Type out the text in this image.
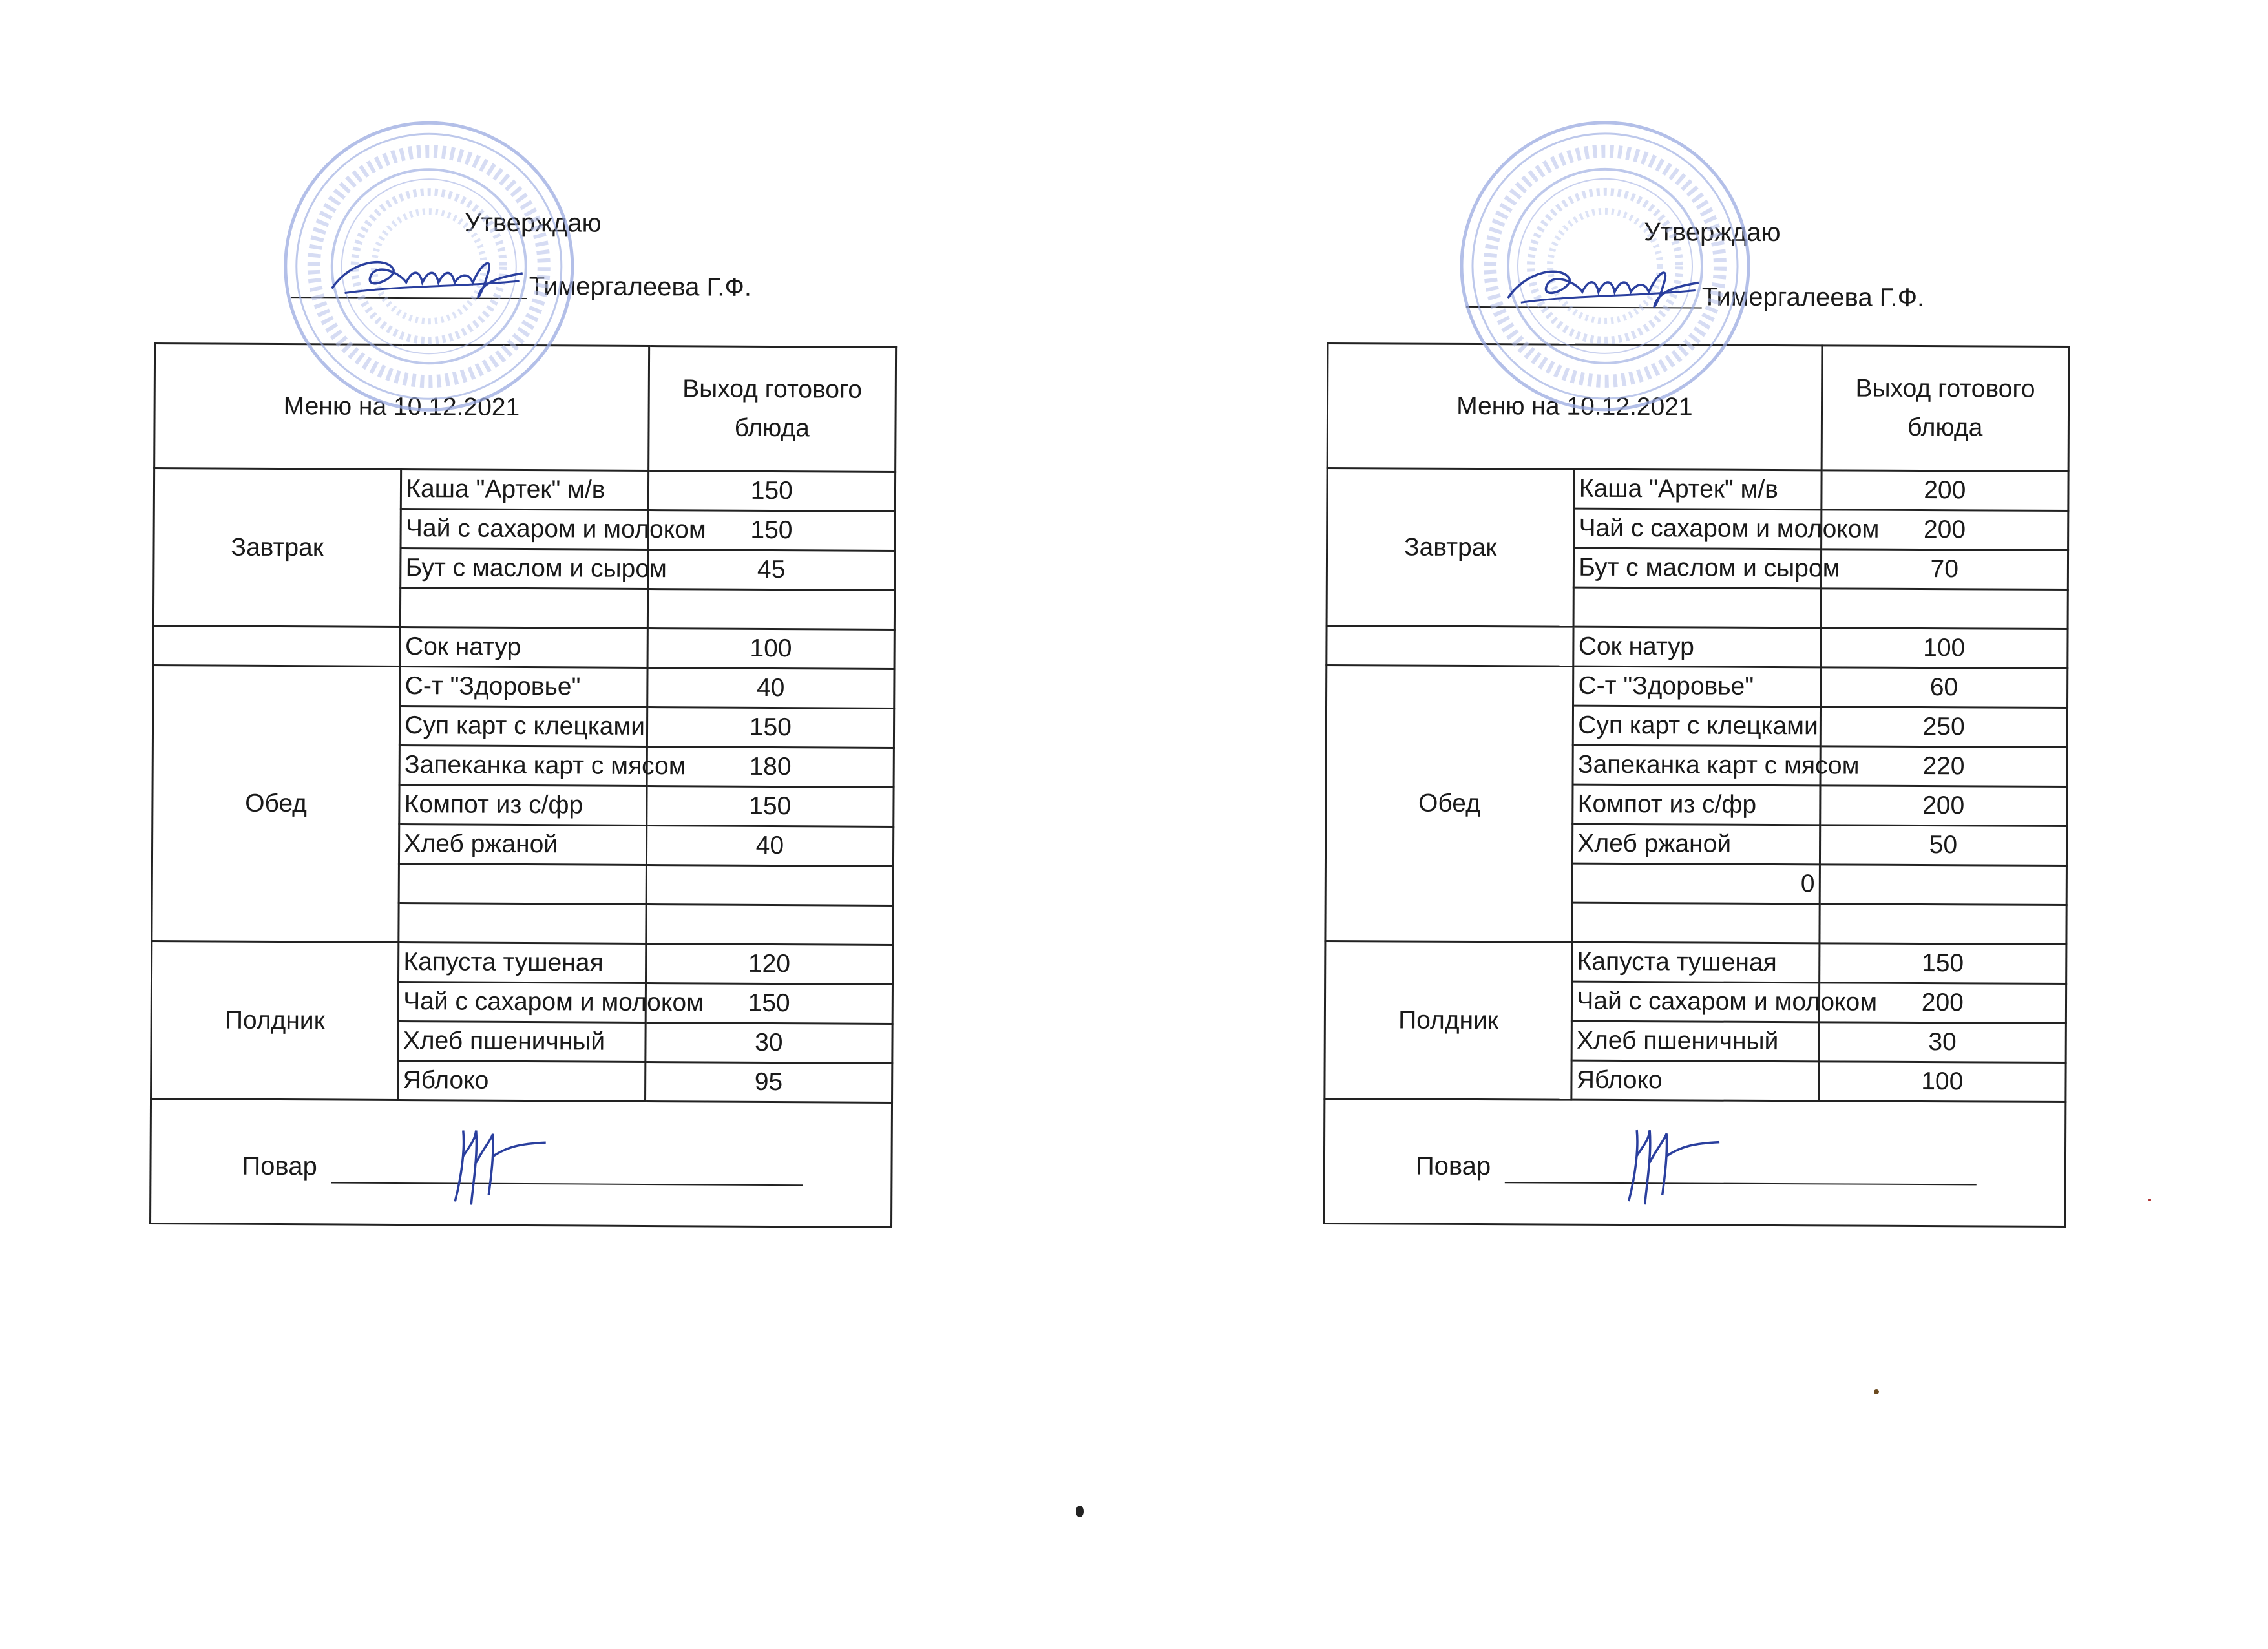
Утверждаю
Тимергалеева Г.Ф.
Меню на 10.12.2021		Выход готового блюда
Завтрак	Каша "Артек" м/в	150
	Чай с сахаром и молоком	150
	Бут с маслом и сыром	45

	Сок натур	100
Обед	С-т "Здоровье"	40
	Суп карт с клецками	150
	Запеканка карт с мясом	180
	Компот из с/фр	150
	Хлеб ржаной	40

Полдник	Капуста тушеная	120
	Чай с сахаром и молоком	150
	Хлеб пшеничный	30
	Яблоко	95
Повар
Утверждаю
Тимергалеева Г.Ф.
Меню на 10.12.2021		Выход готового блюда
Завтрак	Каша "Артек" м/в	200
	Чай с сахаром и молоком	200
	Бут с маслом и сыром	70

	Сок натур	100
Обед	С-т "Здоровье"	60
	Суп карт с клецками	250
	Запеканка карт с мясом	220
	Компот из с/фр	200
	Хлеб ржаной	50
	0	

Полдник	Капуста тушеная	150
	Чай с сахаром и молоком	200
	Хлеб пшеничный	30
	Яблоко	100
Повар
